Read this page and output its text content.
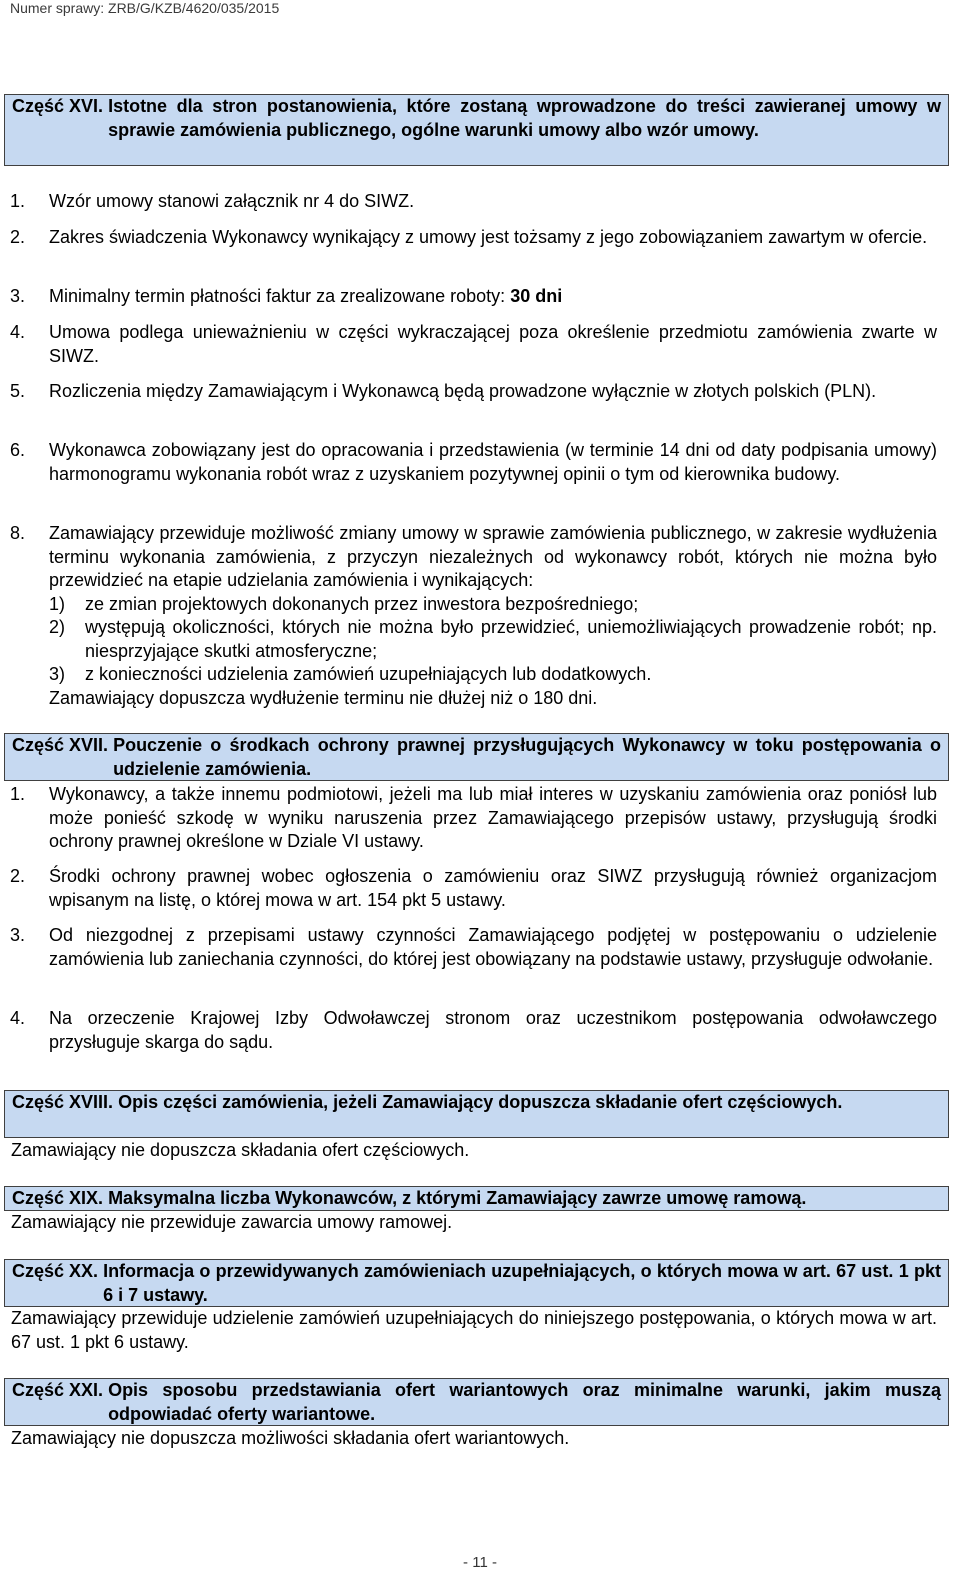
Numer sprawy: ZRB/G/KZB/4620/035/2015
Część XVI.
Istotne dla stron postanowienia, które zostaną wprowadzone do treści zawieranej umowy w sprawie zamówienia publicznego, ogólne warunki umowy albo wzór umowy.
1.	Wzór umowy stanowi załącznik nr 4 do SIWZ.
2.	Zakres świadczenia Wykonawcy wynikający z umowy jest tożsamy z jego zobowiązaniem zawartym w ofercie.
3.	Minimalny termin płatności faktur za zrealizowane roboty: 30 dni
4.	Umowa podlega unieważnieniu w części wykraczającej poza określenie przedmiotu zamówienia zwarte w SIWZ.
5.	Rozliczenia między Zamawiającym i Wykonawcą będą prowadzone wyłącznie w złotych polskich (PLN).
6.	Wykonawca zobowiązany jest do opracowania i przedstawienia (w terminie 14 dni od daty podpisania umowy) harmonogramu wykonania robót wraz z uzyskaniem pozytywnej opinii o tym od kierownika budowy.
8.	Zamawiający przewiduje możliwość zmiany umowy w sprawie zamówienia publicznego, w zakresie wydłużenia terminu wykonania zamówienia, z przyczyn niezależnych od wykonawcy robót, których nie można było przewidzieć na etapie udzielania zamówienia i wynikających:
1)	ze zmian projektowych dokonanych przez inwestora bezpośredniego;
2)	występują okoliczności, których nie można było przewidzieć, uniemożliwiających prowadzenie robót; np. niesprzyjające skutki atmosferyczne;
3)	z konieczności udzielenia zamówień uzupełniających lub dodatkowych.
Zamawiający dopuszcza wydłużenie terminu nie dłużej niż o 180 dni.
Część XVII.
Pouczenie o środkach ochrony prawnej przysługujących Wykonawcy w toku postępowania o udzielenie zamówienia.
1.	Wykonawcy, a także innemu podmiotowi, jeżeli ma lub miał interes w uzyskaniu zamówienia oraz poniósł lub może ponieść szkodę w wyniku naruszenia przez Zamawiającego przepisów ustawy, przysługują środki ochrony prawnej określone w Dziale VI ustawy.
2.	Środki ochrony prawnej wobec ogłoszenia o zamówieniu oraz SIWZ przysługują również organizacjom wpisanym na listę, o której mowa w art. 154 pkt 5 ustawy.
3.	Od niezgodnej z przepisami ustawy czynności Zamawiającego podjętej w postępowaniu o udzielenie zamówienia lub zaniechania czynności, do której jest obowiązany na podstawie ustawy, przysługuje odwołanie.
4.	Na orzeczenie Krajowej Izby Odwoławczej stronom oraz uczestnikom postępowania odwoławczego przysługuje skarga do sądu.
Część XVIII.
Opis części zamówienia, jeżeli Zamawiający dopuszcza składanie ofert częściowych.
Zamawiający nie dopuszcza składania ofert częściowych.
Część XIX.
Maksymalna liczba Wykonawców, z którymi Zamawiający zawrze umowę ramową.
Zamawiający nie przewiduje zawarcia umowy ramowej.
Część XX.
Informacja o przewidywanych zamówieniach uzupełniających, o których mowa w art. 67 ust. 1 pkt 6 i 7 ustawy.
Zamawiający przewiduje udzielenie zamówień uzupełniających do niniejszego postępowania, o których mowa w art. 67 ust. 1 pkt 6 ustawy.
Część XXI.
Opis sposobu przedstawiania ofert wariantowych oraz minimalne warunki, jakim muszą odpowiadać oferty wariantowe.
Zamawiający nie dopuszcza możliwości składania ofert wariantowych.
- 11 -
